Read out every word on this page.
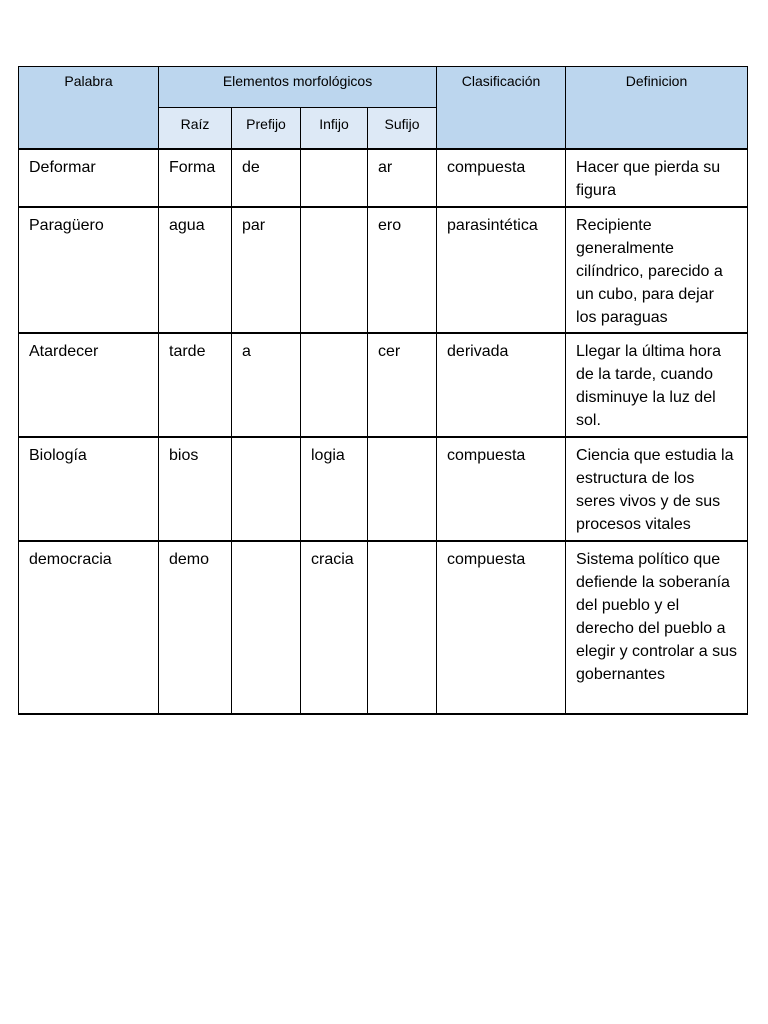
Palabra	Elementos morfológicos				Clasificación	Definicion
	Raíz	Prefijo	Infijo	Sufijo		
Deformar	Forma	de		ar	compuesta	Hacer que pierda su figura
Paragüero	agua	par		ero	parasintética	Recipiente generalmente cilíndrico, parecido a un cubo, para dejar los paraguas
Atardecer	tarde	a		cer	derivada	Llegar la última hora de la tarde, cuando disminuye la luz del sol.
Biología	bios		logia		compuesta	Ciencia que estudia la estructura de los seres vivos y de sus procesos vitales
democracia	demo		cracia		compuesta	Sistema político que defiende la soberanía del pueblo y el derecho del pueblo a elegir y controlar a sus gobernantes
